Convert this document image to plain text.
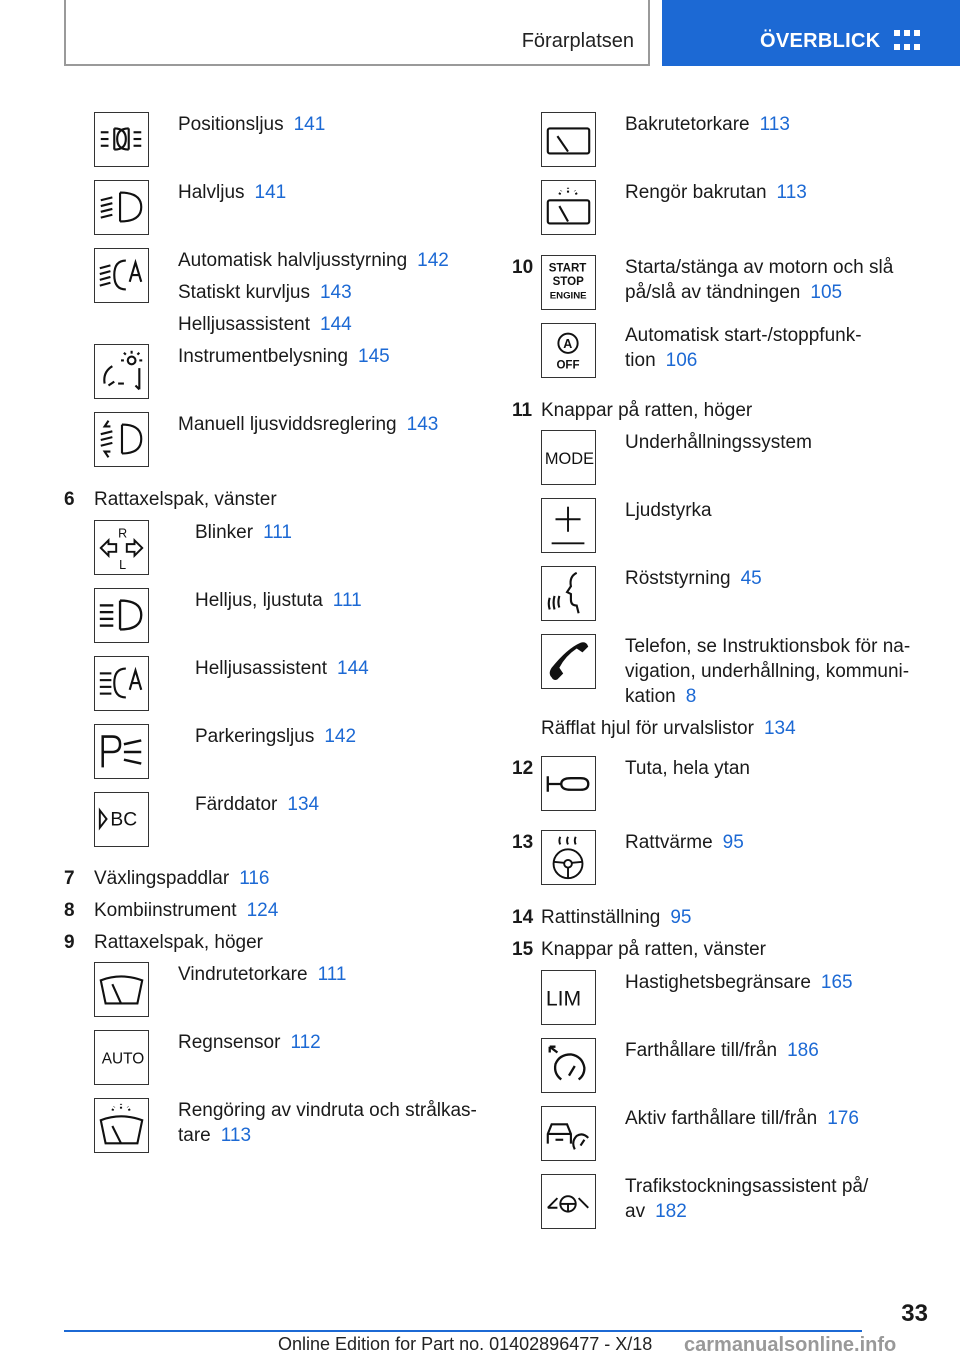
Förarplatsen	ÖVERBLICK
Positionsljus 141
Halvljus 141
Automatisk halvljusstyrning 142
Statiskt kurvljus 143
Helljusassistent 144
Instrumentbelysning 145
Manuell ljusviddsreglering 143
6 Rattaxelspak, vänster
R
L
Blinker 111
Helljus, ljustuta 111
Helljusassistent 144
Parkeringsljus 142
BC
Färddator 134
7 Växlingspaddlar 116
8 Kombiinstrument 124
9 Rattaxelspak, höger
Vindrutetorkare 111
AUTO
Regnsensor 112
Rengöring av vindruta och strålkas-
tare 113
Bakrutetorkare 113
Rengör bakrutan 113
10 START
STOP
ENGINE
Starta/stänga av motorn och slå
på/slå av tändningen 105
A
OFF
Automatisk start-/stoppfunk-
tion 106
11 Knappar på ratten, höger
MODE
Underhållningssystem
Ljudstyrka
Röststyrning 45
Telefon, se Instruktionsbok för na-
vigation, underhållning, kommuni-
kation 8
Räfflat hjul för urvalslistor 134
12	Tuta, hela ytan
13	Rattvärme 95
14 Rattinställning 95
15 Knappar på ratten, vänster
LIM
Hastighetsbegränsare 165
Farthållare till/från 186
Aktiv farthållare till/från 176
Trafikstockningsassistent på/
av 182
33
Online Edition for Part no. 01402896477 - X/18 carmanualsonline.info
